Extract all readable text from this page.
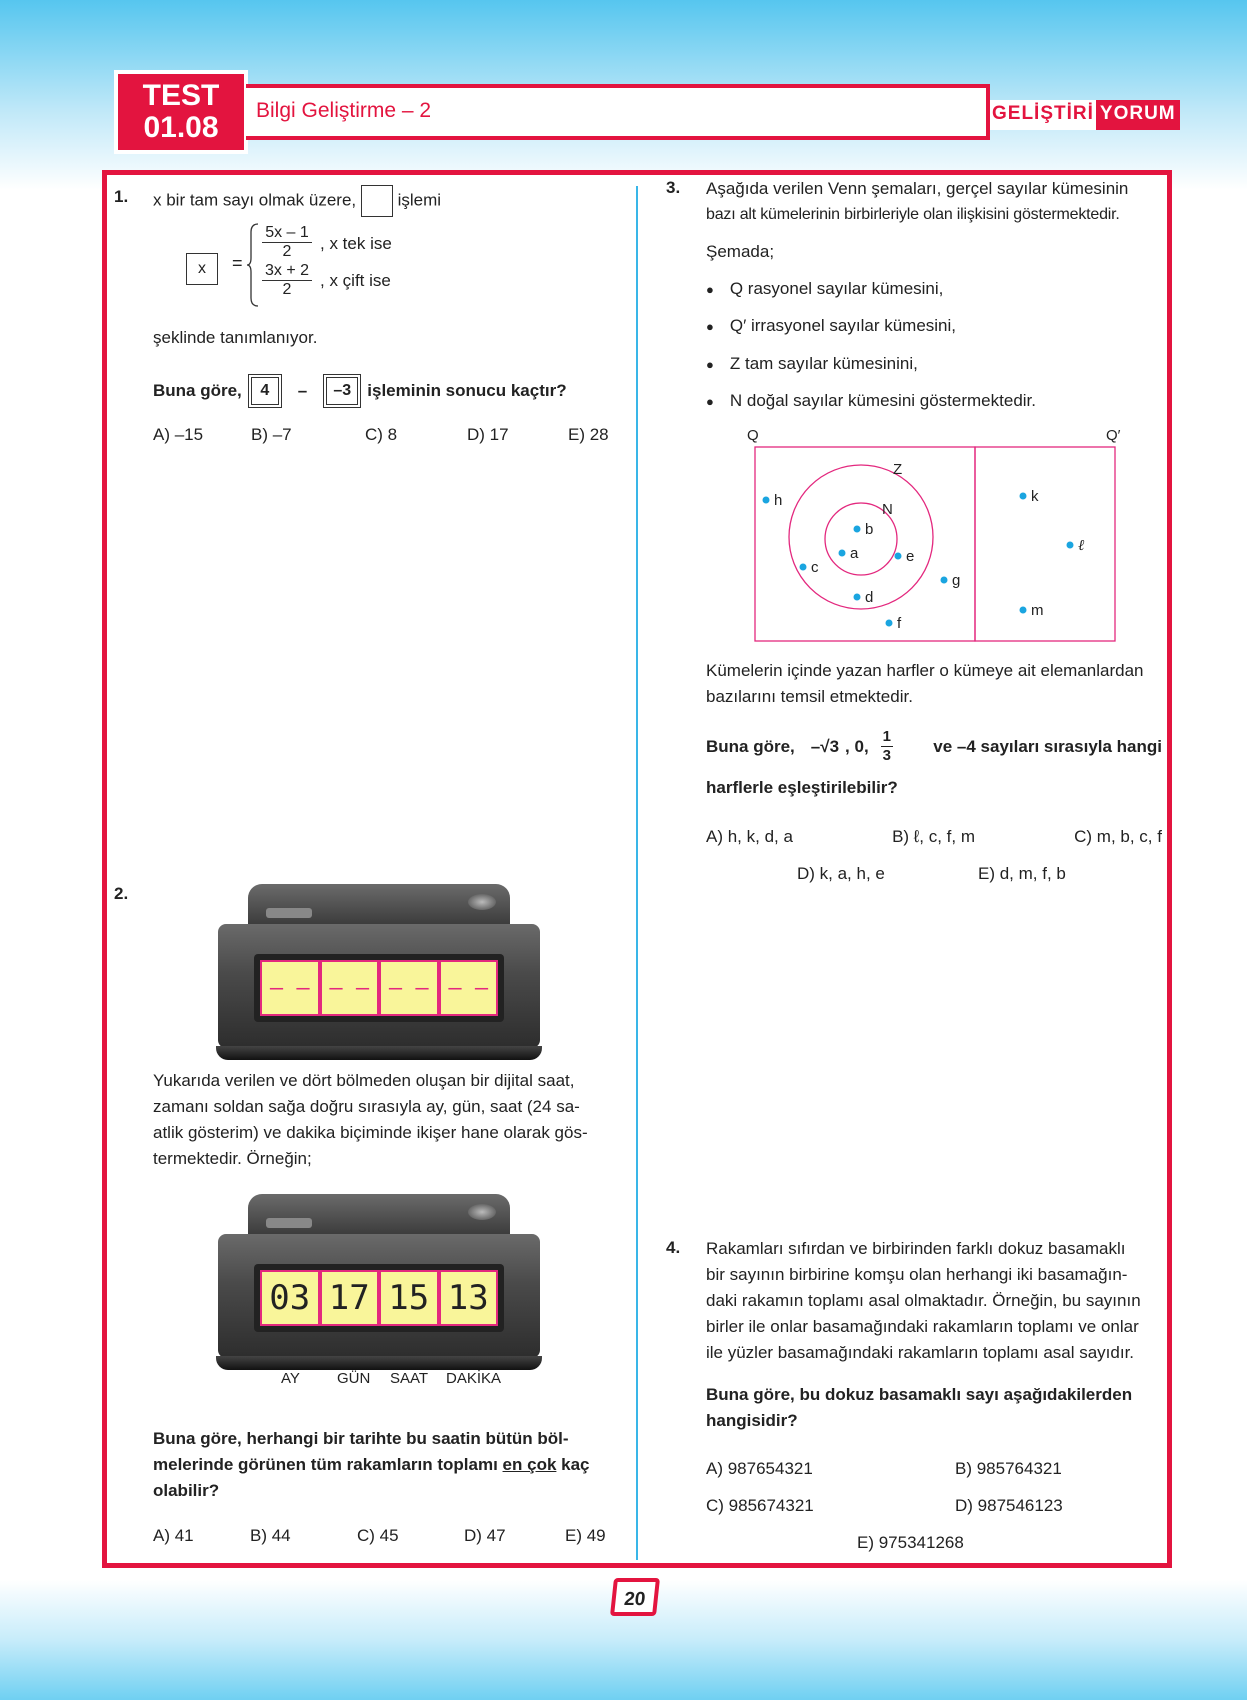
TEST
01.08
Bilgi Geliştirme – 2	GELİŞTİRİ YORUM
1. x bir tam sayı olmak üzere, işlemi
x	=
$\frac{5x - 1}{2}$ , x tek ise
$\frac{3x + 2}{2}$ , x çift ise
şeklinde tanımlanıyor.
Buna göre,	4	–	–3 işleminin sonucu kaçtır?
A) –15	B) –7	C) 8	D) 17	E) 28
2.
– – – – – – – –
Yukarıda verilen ve dört bölmeden oluşan bir dijital saat,
zamanı soldan sağa doğru sırasıyla ay, gün, saat (24 sa-
atlik gösterim) ve dakika biçiminde ikişer hane olarak gös-
termektedir. Örneğin;
03 17 15 13
AY GÜN SAAT DAKİKA
Buna göre, herhangi bir tarihte bu saatin bütün böl-
melerinde görünen tüm rakamların toplamı en çok kaç
olabilir?
A) 41	B) 44	C) 45	D) 47	E) 49
3. Aşağıda verilen Venn şemaları, gerçel sayılar kümesinin
bazı alt kümelerinin birbirleriyle olan ilişkisini göstermektedir.
Şemada;
● Q rasyonel sayılar kümesini,
● Q′ irrasyonel sayılar kümesini,
● Z tam sayılar kümesinini,
● N doğal sayılar kümesini göstermektedir.
Q	Q′
Z
N
h
b
a
c
e
d
g
f
k
ℓ
m
Kümelerin içinde yazan harfler o kümeye ait elemanlardan
bazılarını temsil etmektedir.
Buna göre, –√3 , 0, $\frac{1}{3}$ ve –4 sayıları sırasıyla hangi
harflerle eşleştirilebilir?
A) h, k, d, a	B) ℓ, c, f, m	C) m, b, c, f
D) k, a, h, e	E) d, m, f, b
4. Rakamları sıfırdan ve birbirinden farklı dokuz basamaklı
bir sayının birbirine komşu olan herhangi iki basamağın-
daki rakamın toplamı asal olmaktadır. Örneğin, bu sayının
birler ile onlar basamağındaki rakamların toplamı ve onlar
ile yüzler basamağındaki rakamların toplamı asal sayıdır.
Buna göre, bu dokuz basamaklı sayı aşağıdakilerden
hangisidir?
A) 987654321	B) 985764321
C) 985674321	D) 987546123
E) 975341268
20
